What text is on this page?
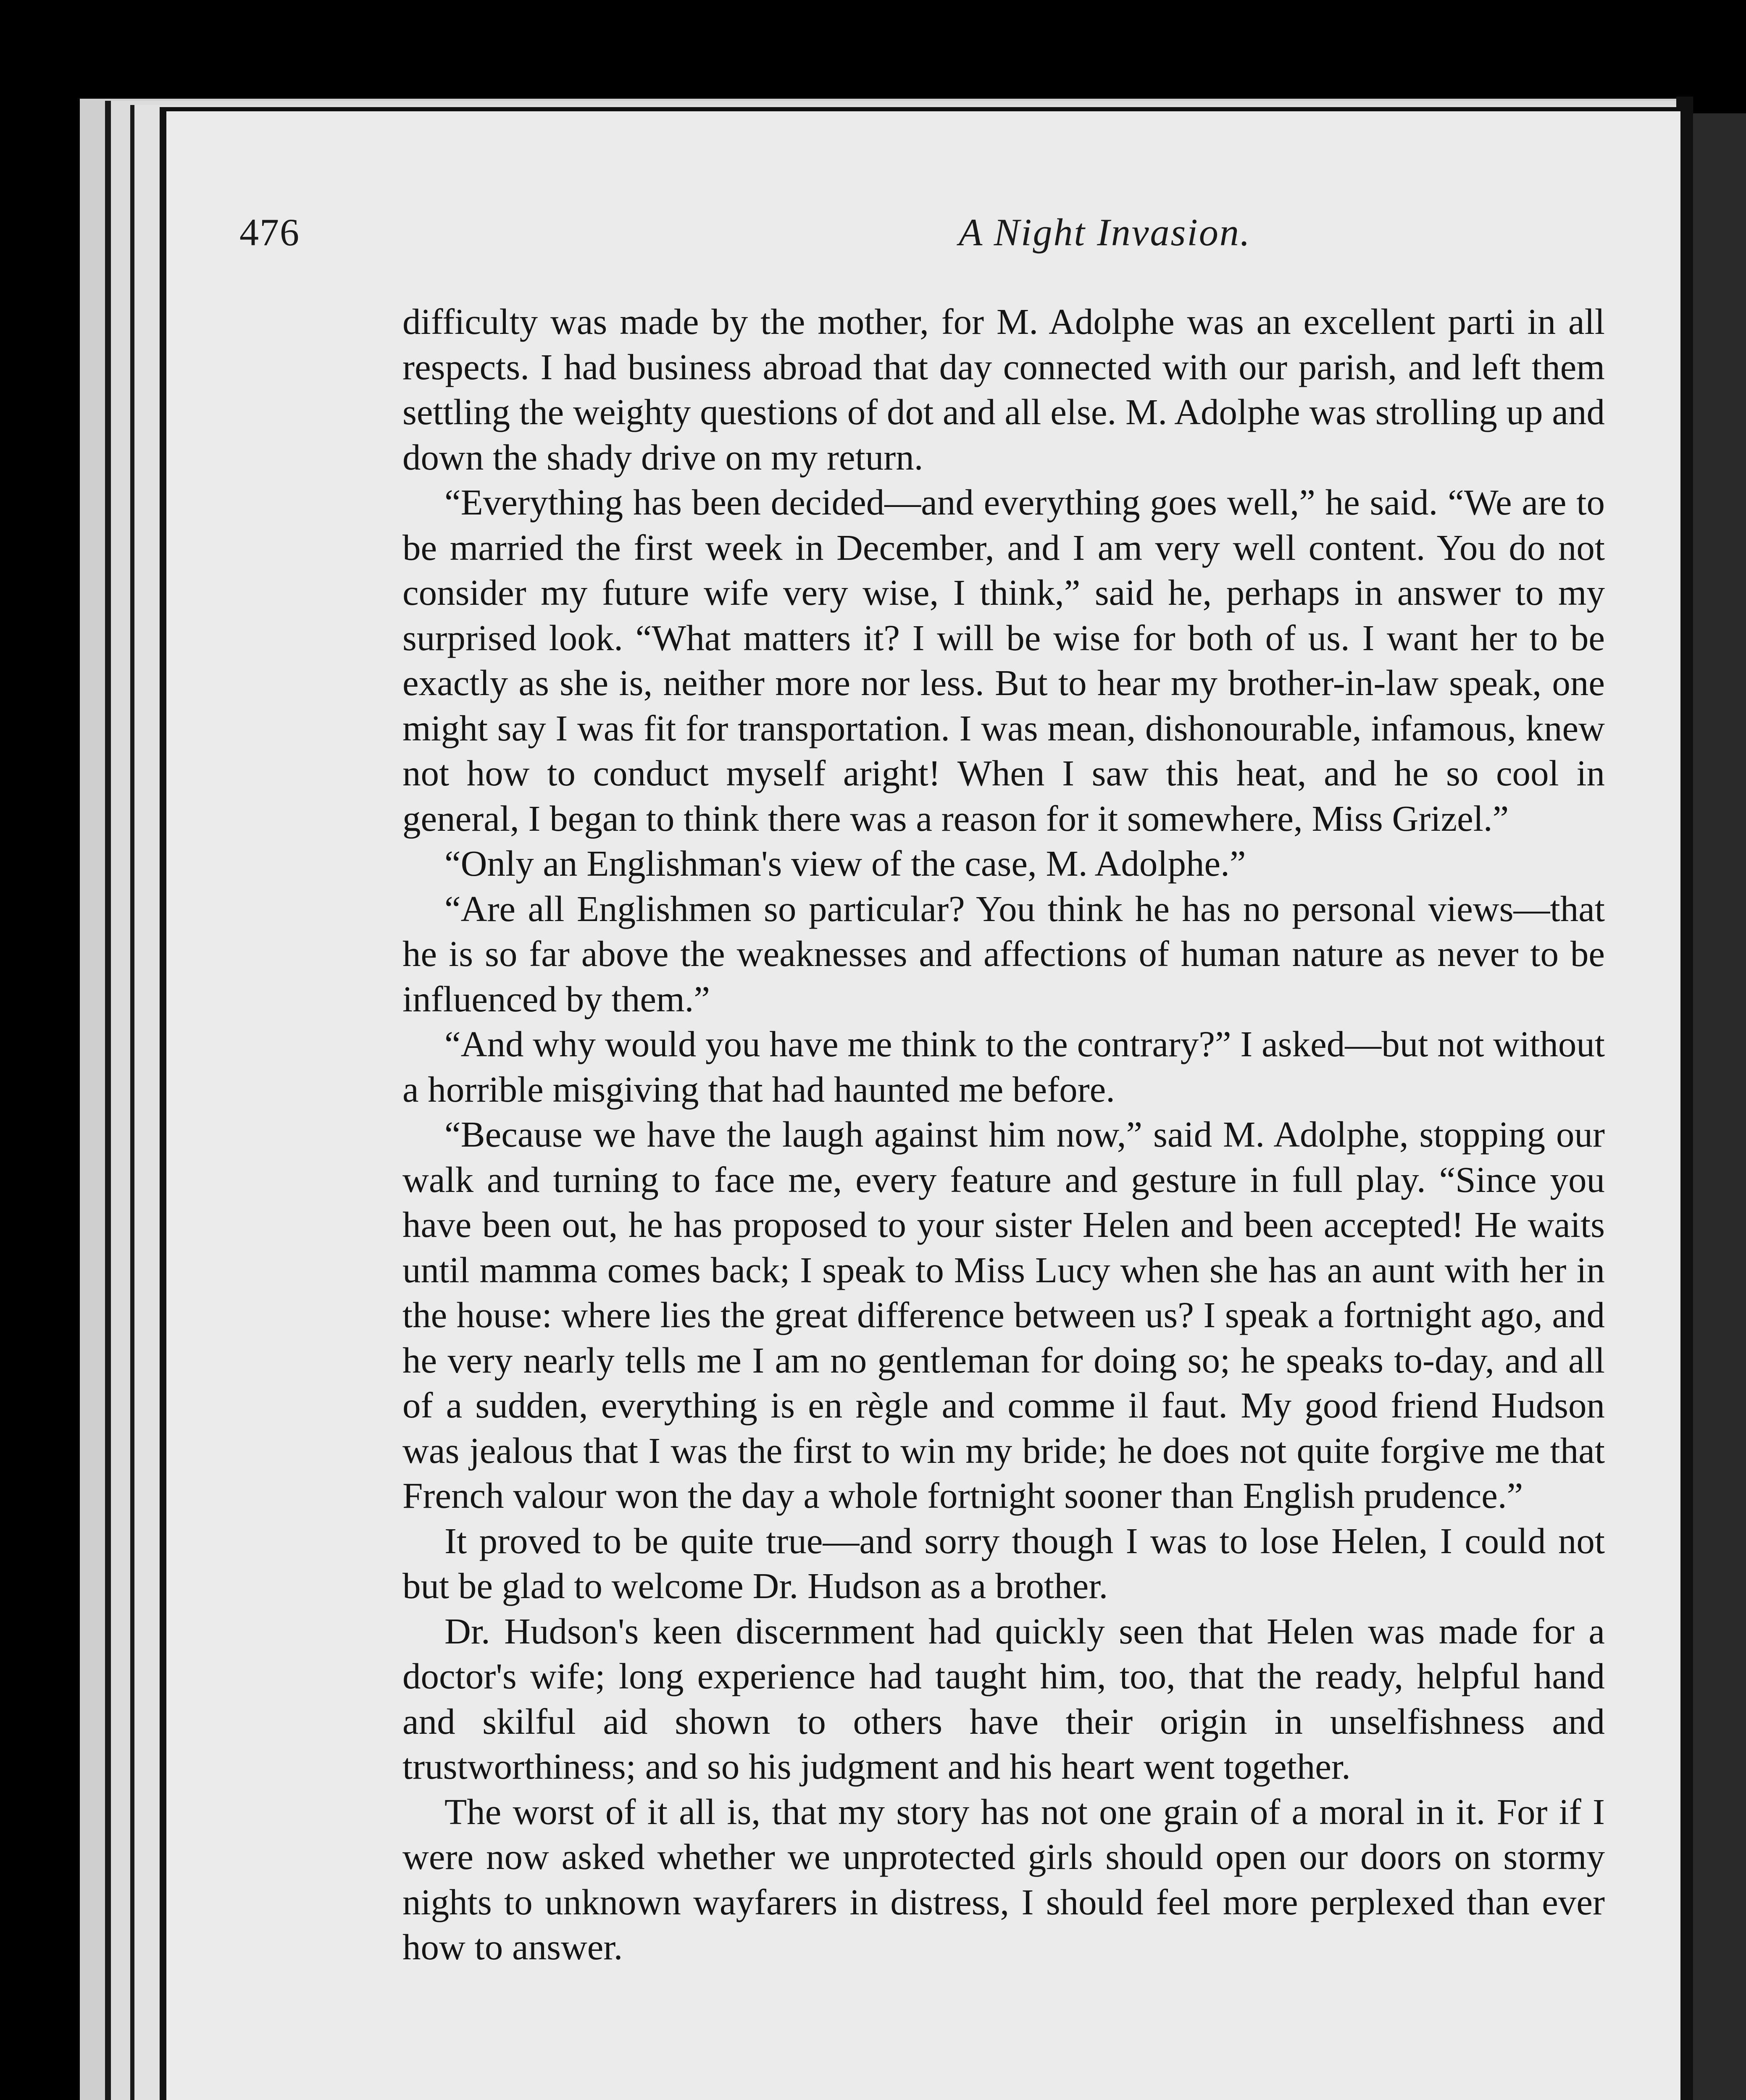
476	A Night Invasion.

difficulty was made by the mother, for M. Adolphe was an excellent parti in all respects. I had business abroad that day connected with our parish, and left them settling the weighty questions of dot and all else. M. Adolphe was strolling up and down the shady drive on my return.

“Everything has been decided—and everything goes well,” he said. “We are to be married the first week in December, and I am very well content. You do not consider my future wife very wise, I think,” said he, perhaps in answer to my surprised look. “What matters it? I will be wise for both of us. I want her to be exactly as she is, neither more nor less. But to hear my brother-in-law speak, one might say I was fit for transportation. I was mean, dishonourable, infamous, knew not how to conduct myself aright! When I saw this heat, and he so cool in general, I began to think there was a reason for it somewhere, Miss Grizel.”

“Only an Englishman's view of the case, M. Adolphe.”

“Are all Englishmen so particular? You think he has no personal views—that he is so far above the weaknesses and affections of human nature as never to be influenced by them.”

“And why would you have me think to the contrary?” I asked—but not without a horrible misgiving that had haunted me before.

“Because we have the laugh against him now,” said M. Adolphe, stopping our walk and turning to face me, every feature and gesture in full play. “Since you have been out, he has proposed to your sister Helen and been accepted! He waits until mamma comes back; I speak to Miss Lucy when she has an aunt with her in the house: where lies the great difference between us? I speak a fortnight ago, and he very nearly tells me I am no gentleman for doing so; he speaks to-day, and all of a sudden, everything is en règle and comme il faut. My good friend Hudson was jealous that I was the first to win my bride; he does not quite forgive me that French valour won the day a whole fortnight sooner than English prudence.”

It proved to be quite true—and sorry though I was to lose Helen, I could not but be glad to welcome Dr. Hudson as a brother.

Dr. Hudson's keen discernment had quickly seen that Helen was made for a doctor's wife; long experience had taught him, too, that the ready, helpful hand and skilful aid shown to others have their origin in unselfishness and trustworthiness; and so his judgment and his heart went together.

The worst of it all is, that my story has not one grain of a moral in it. For if I were now asked whether we unprotected girls should open our doors on stormy nights to unknown wayfarers in distress, I should feel more perplexed than ever how to answer.
